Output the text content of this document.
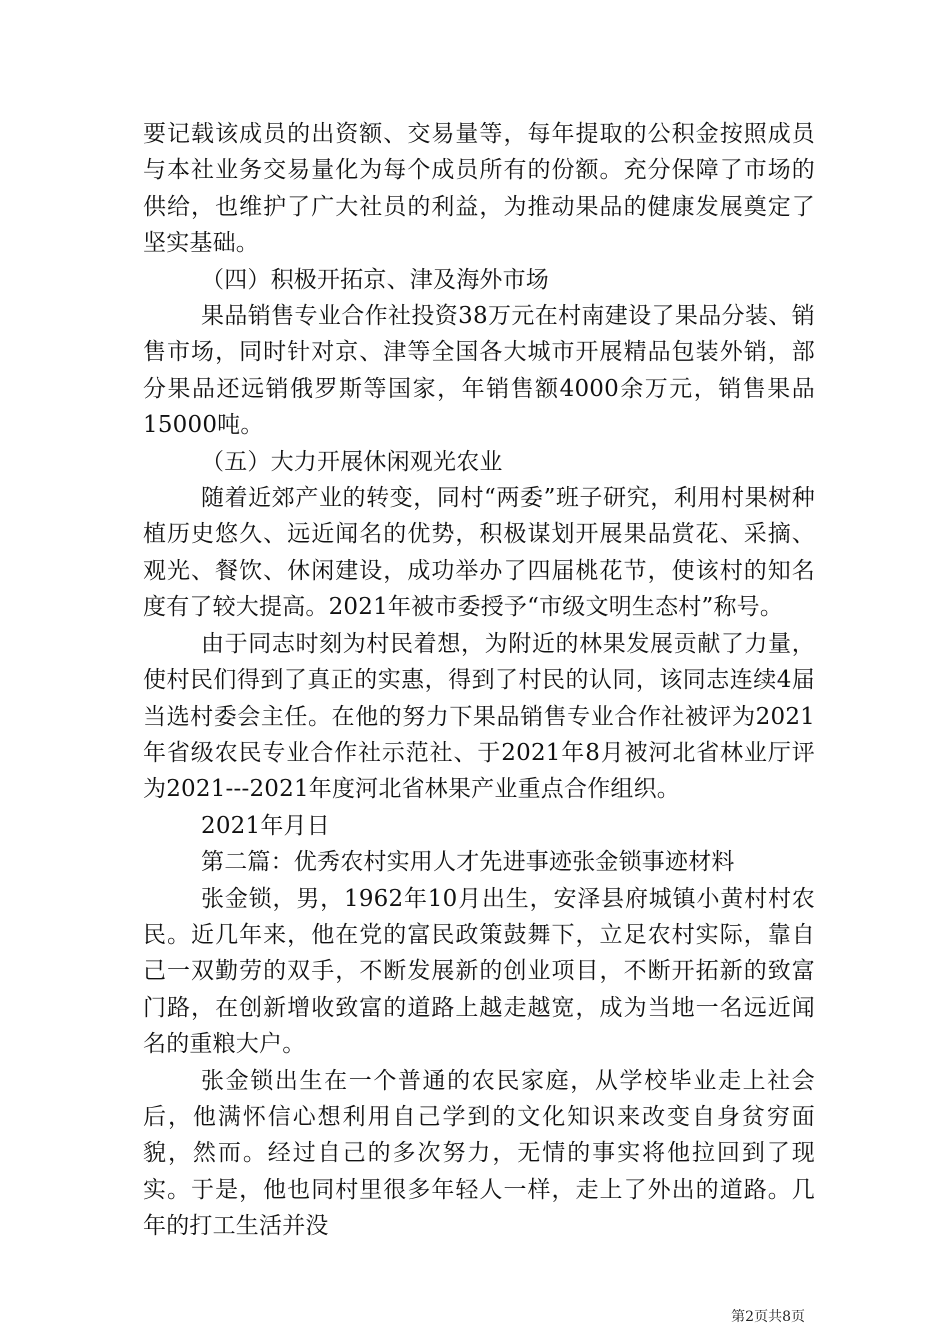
要记载该成员的出资额、交易量等，每年提取的公积金按照成员与本社业务交易量化为每个成员所有的份额。充分保障了市场的供给，也维护了广大社员的利益，为推动果品的健康发展奠定了坚实基础。

（四）积极开拓京、津及海外市场

果品销售专业合作社投资38万元在村南建设了果品分装、销售市场，同时针对京、津等全国各大城市开展精品包装外销，部分果品还远销俄罗斯等国家，年销售额4000余万元，销售果品15000吨。

（五）大力开展休闲观光农业

随着近郊产业的转变，同村“两委”班子研究，利用村果树种植历史悠久、远近闻名的优势，积极谋划开展果品赏花、采摘、观光、餐饮、休闲建设，成功举办了四届桃花节，使该村的知名度有了较大提高。2021年被市委授予“市级文明生态村”称号。

由于同志时刻为村民着想，为附近的林果发展贡献了力量，使村民们得到了真正的实惠，得到了村民的认同，该同志连续4届当选村委会主任。在他的努力下果品销售专业合作社被评为2021年省级农民专业合作社示范社、于2021年8月被河北省林业厅评为2021---2021年度河北省林果产业重点合作组织。

2021年月日

第二篇：优秀农村实用人才先进事迹张金锁事迹材料

张金锁，男，1962年10月出生，安泽县府城镇小黄村村农民。近几年来，他在党的富民政策鼓舞下，立足农村实际，靠自己一双勤劳的双手，不断发展新的创业项目，不断开拓新的致富门路，在创新增收致富的道路上越走越宽，成为当地一名远近闻名的重粮大户。

张金锁出生在一个普通的农民家庭，从学校毕业走上社会后，他满怀信心想利用自己学到的文化知识来改变自身贫穷面貌，然而。经过自己的多次努力，无情的事实将他拉回到了现实。于是，他也同村里很多年轻人一样，走上了外出的道路。几年的打工生活并没

第2页共8页
